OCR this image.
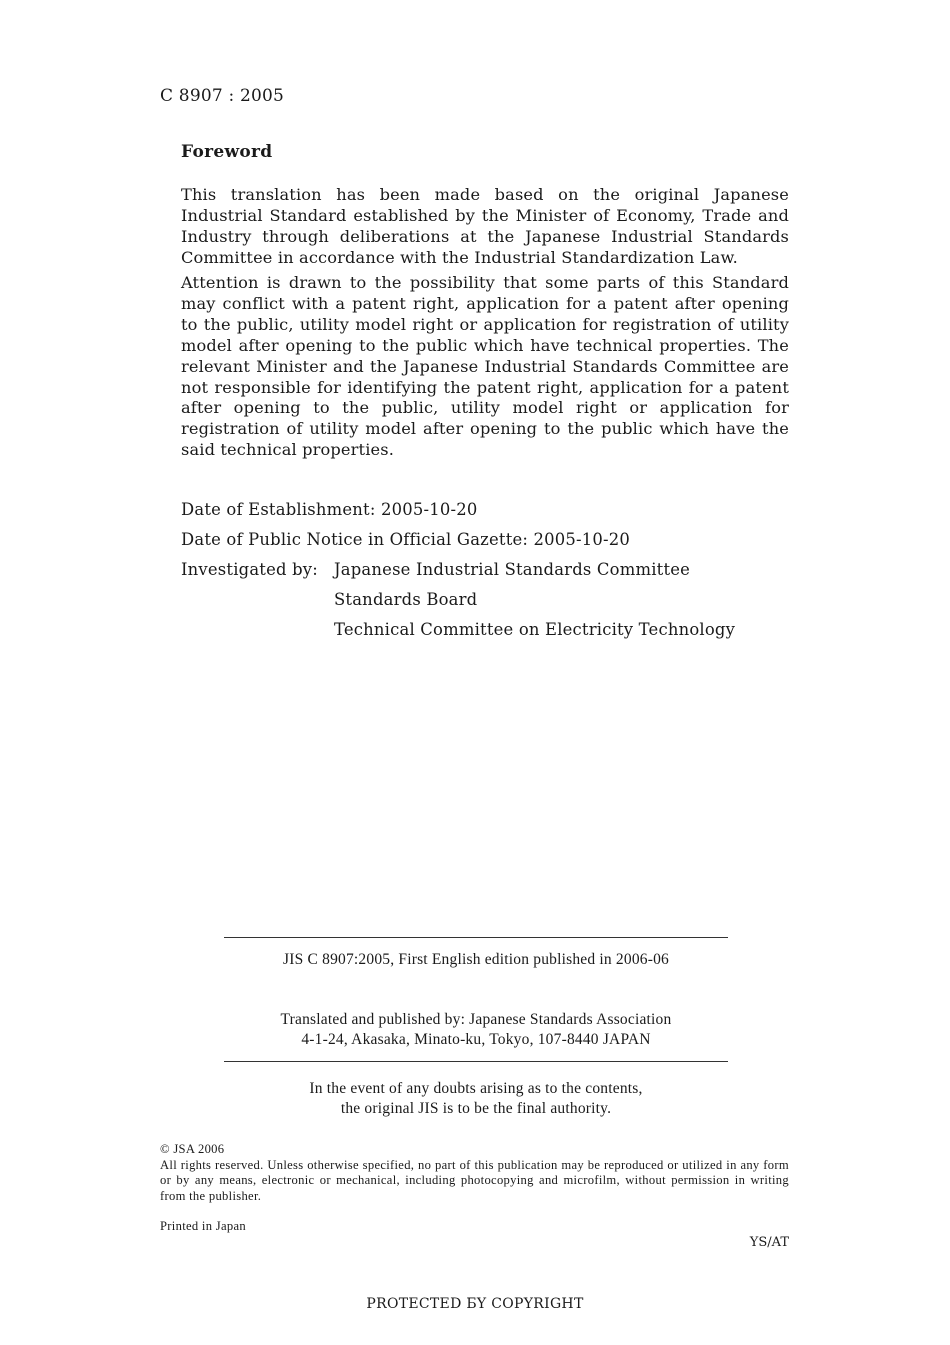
C 8907 : 2005
Foreword
This translation has been made based on the original Japanese Industrial Standard established by the Minister of Economy, Trade and Industry through deliberations at the Japanese Industrial Standards Committee in accordance with the Industrial Standardization Law.
Attention is drawn to the possibility that some parts of this Standard may conflict with a patent right, application for a patent after opening to the public, utility model right or application for registration of utility model after opening to the public which have technical properties. The relevant Minister and the Japanese Industrial Standards Committee are not responsible for identifying the patent right, application for a patent after opening to the public, utility model right or application for registration of utility model after opening to the public which have the said technical properties.
Date of Establishment: 2005-10-20
Date of Public Notice in Official Gazette: 2005-10-20
Investigated by: Japanese Industrial Standards Committee
Standards Board
Technical Committee on Electricity Technology
JIS C 8907:2005, First English edition published in 2006-06
Translated and published by: Japanese Standards Association
4-1-24, Akasaka, Minato-ku, Tokyo, 107-8440 JAPAN
In the event of any doubts arising as to the contents,
the original JIS is to be the final authority.
© JSA 2006
All rights reserved. Unless otherwise specified, no part of this publication may be reproduced or utilized in any form or by any means, electronic or mechanical, including photocopying and microfilm, without permission in writing from the publisher.
Printed in Japan
YS/AT
PROTECTED БY COPYRIGHT
